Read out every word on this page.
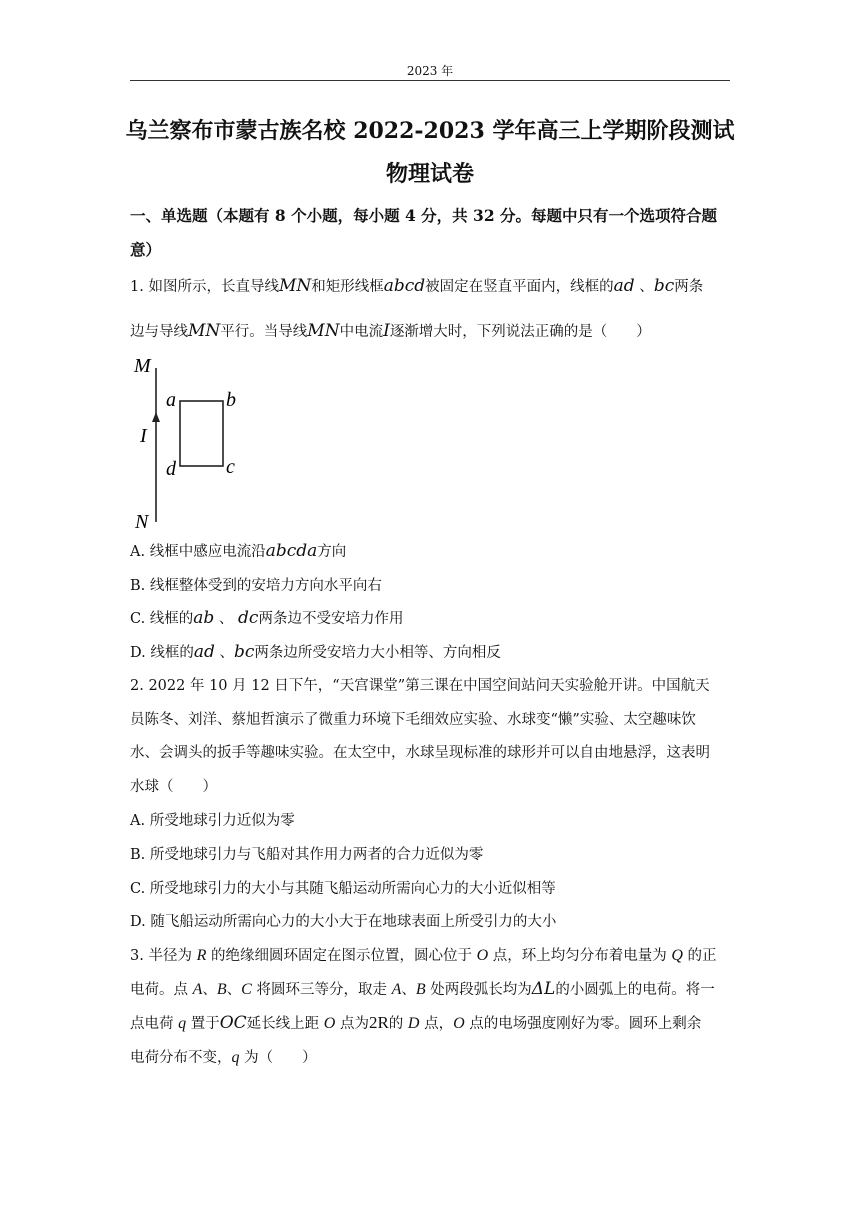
2023 年
乌兰察布市蒙古族名校 2022-2023 学年高三上学期阶段测试
物理试卷
一、单选题（本题有 8 个小题，每小题 4 分，共 32 分。每题中只有一个选项符合题意）
1. 如图所示，长直导线MN和矩形线框abcd被固定在竖直平面内，线框的ad 、bc两条
边与导线MN平行。当导线MN中电流I逐渐增大时，下列说法正确的是（　　）
M
N
I
a	b
c
d
A. 线框中感应电流沿abcda方向
B. 线框整体受到的安培力方向水平向右
C. 线框的ab 、 dc两条边不受安培力作用
D. 线框的ad 、bc两条边所受安培力大小相等、方向相反
2. 2022 年 10 月 12 日下午，“天宫课堂”第三课在中国空间站问天实验舱开讲。中国航天
员陈冬、刘洋、蔡旭哲演示了微重力环境下毛细效应实验、水球变“懒”实验、太空趣味饮
水、会调头的扳手等趣味实验。在太空中，水球呈现标准的球形并可以自由地悬浮，这表明
水球（　　）
A. 所受地球引力近似为零
B. 所受地球引力与飞船对其作用力两者的合力近似为零
C. 所受地球引力的大小与其随飞船运动所需向心力的大小近似相等
D. 随飞船运动所需向心力的大小大于在地球表面上所受引力的大小
3. 半径为 R 的绝缘细圆环固定在图示位置，圆心位于 O 点，环上均匀分布着电量为 Q 的正
电荷。点 A、B、C 将圆环三等分，取走 A、B 处两段弧长均为ΔL的小圆弧上的电荷。将一
点电荷 q 置于OC延长线上距 O 点为2R的 D 点，O 点的电场强度刚好为零。圆环上剩余
电荷分布不变，q 为（　　）
